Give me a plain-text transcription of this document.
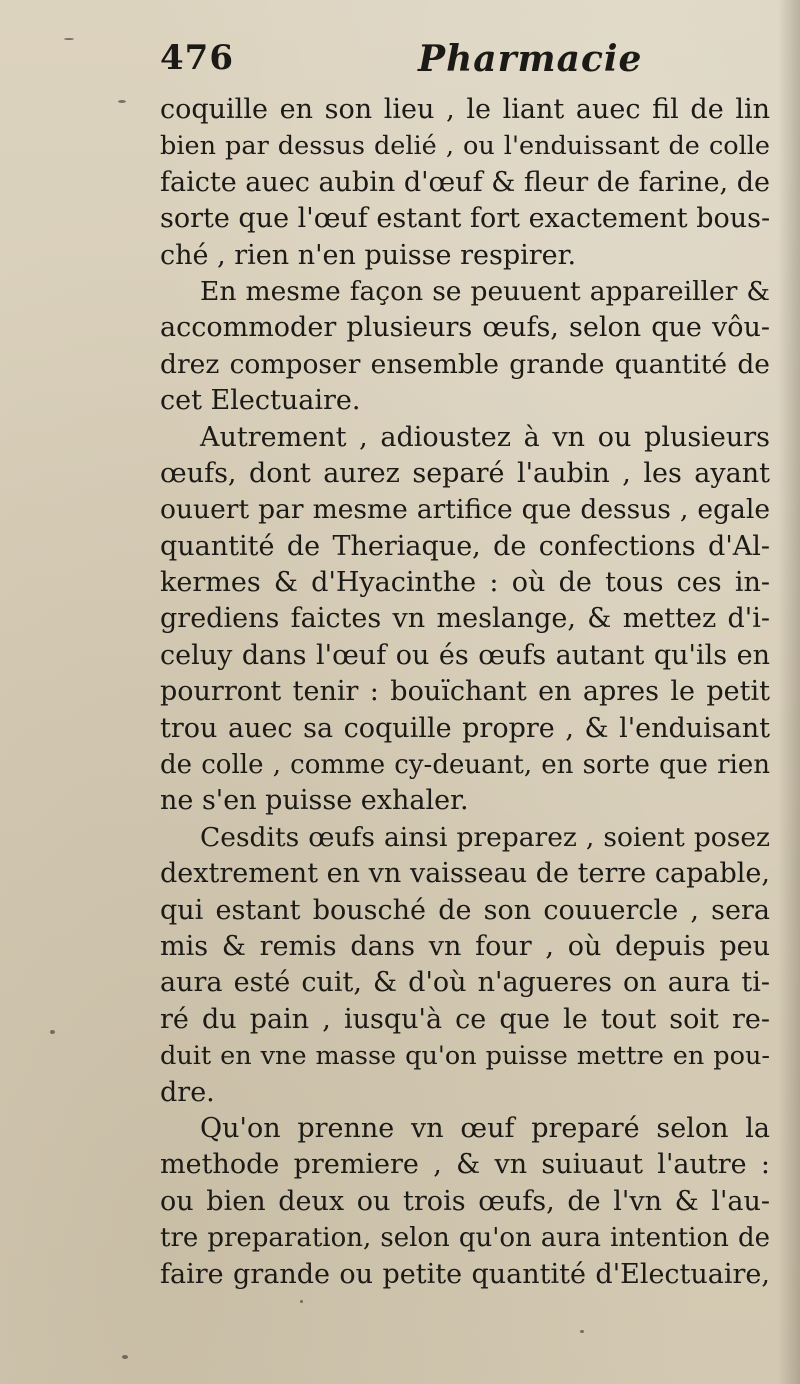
476	Pharmacie
coquille en son lieu , le liant auec fil de lin
bien par dessus delié , ou l'enduissant de colle
faicte auec aubin d'œuf & fleur de farine, de
sorte que l'œuf estant fort exactement bous-
ché , rien n'en puisse respirer.
En mesme façon se peuuent appareiller &
accommoder plusieurs œufs, selon que vôu-
drez composer ensemble grande quantité de
cet Electuaire.
Autrement , adioustez à vn ou plusieurs
œufs, dont aurez separé l'aubin , les ayant
ouuert par mesme artifice que dessus , egale
quantité de Theriaque, de confections d'Al-
kermes & d'Hyacinthe : où de tous ces in-
grediens faictes vn meslange, & mettez d'i-
celuy dans l'œuf ou és œufs autant qu'ils en
pourront tenir : bouïchant en apres le petit
trou auec sa coquille propre , & l'enduisant
de colle , comme cy-deuant, en sorte que rien
ne s'en puisse exhaler.
Cesdits œufs ainsi preparez , soient posez
dextrement en vn vaisseau de terre capable,
qui estant bousché de son couuercle , sera
mis & remis dans vn four , où depuis peu
aura esté cuit, & d'où n'agueres on aura ti-
ré du pain , iusqu'à ce que le tout soit re-
duit en vne masse qu'on puisse mettre en pou-
dre.
Qu'on prenne vn œuf preparé selon la
methode premiere , & vn suiuaut l'autre :
ou bien deux ou trois œufs, de l'vn & l'au-
tre preparation, selon qu'on aura intention de
faire grande ou petite quantité d'Electuaire,
